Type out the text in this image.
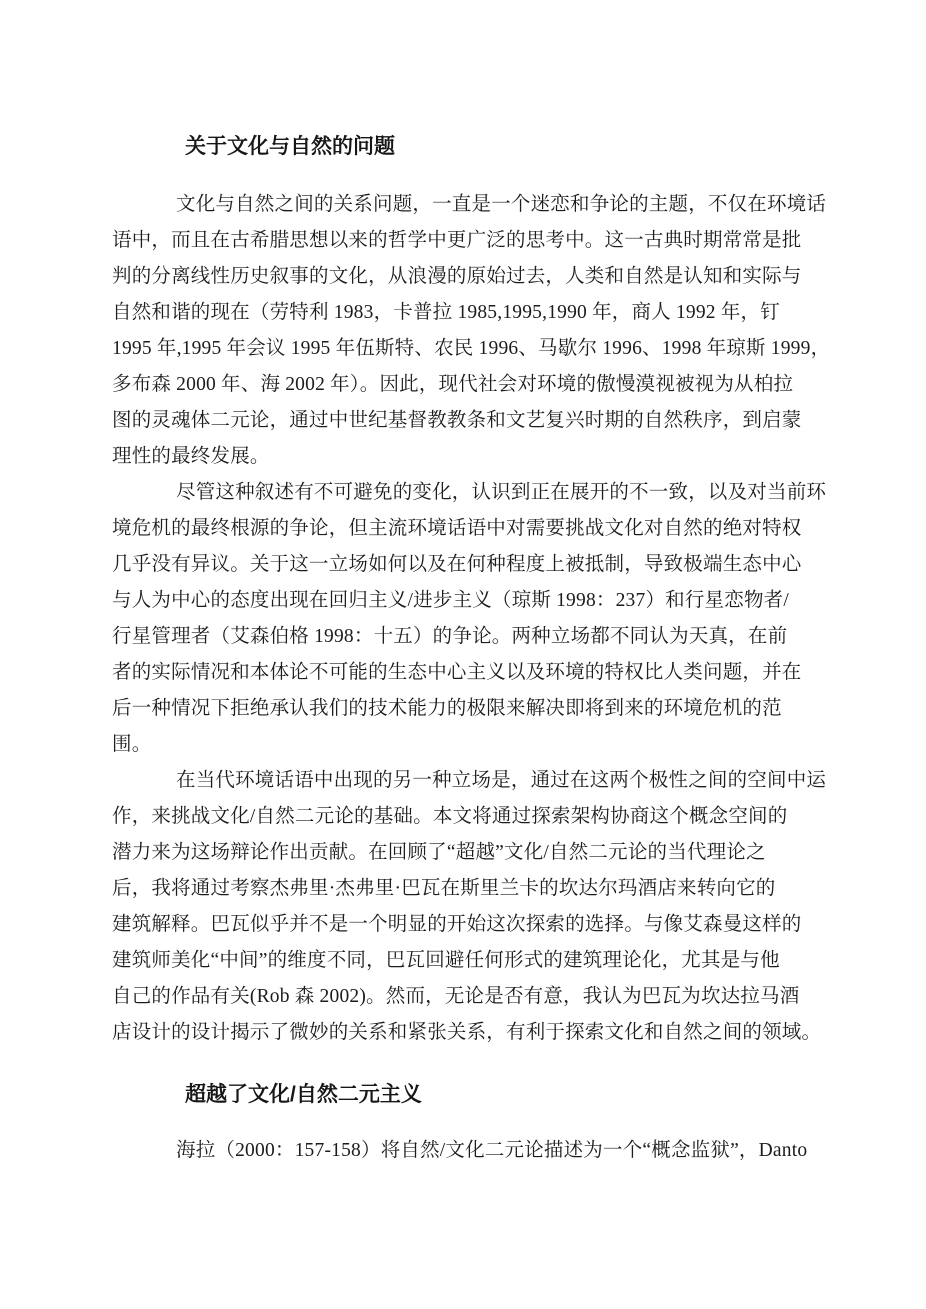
关于文化与自然的问题
文化与自然之间的关系问题，一直是一个迷恋和争论的主题，不仅在环境话
语中，而且在古希腊思想以来的哲学中更广泛的思考中。这一古典时期常常是批
判的分离线性历史叙事的文化，从浪漫的原始过去，人类和自然是认知和实际与
自然和谐的现在（劳特利 1983，卡普拉 1985,1995,1990 年，商人 1992 年，钉
1995 年,1995 年会议 1995 年伍斯特、农民 1996、马歇尔 1996、1998 年琼斯 1999，
多布森 2000 年、海 2002 年）。因此，现代社会对环境的傲慢漠视被视为从柏拉
图的灵魂体二元论，通过中世纪基督教教条和文艺复兴时期的自然秩序，到启蒙
理性的最终发展。
尽管这种叙述有不可避免的变化，认识到正在展开的不一致，以及对当前环
境危机的最终根源的争论，但主流环境话语中对需要挑战文化对自然的绝对特权
几乎没有异议。关于这一立场如何以及在何种程度上被抵制，导致极端生态中心
与人为中心的态度出现在回归主义/进步主义（琼斯 1998：237）和行星恋物者/
行星管理者（艾森伯格 1998：十五）的争论。两种立场都不同认为天真，在前
者的实际情况和本体论不可能的生态中心主义以及环境的特权比人类问题，并在
后一种情况下拒绝承认我们的技术能力的极限来解决即将到来的环境危机的范
围。
在当代环境话语中出现的另一种立场是，通过在这两个极性之间的空间中运
作，来挑战文化/自然二元论的基础。本文将通过探索架构协商这个概念空间的
潜力来为这场辩论作出贡献。在回顾了“超越”文化/自然二元论的当代理论之
后，我将通过考察杰弗里·杰弗里·巴瓦在斯里兰卡的坎达尔玛酒店来转向它的
建筑解释。巴瓦似乎并不是一个明显的开始这次探索的选择。与像艾森曼这样的
建筑师美化“中间”的维度不同，巴瓦回避任何形式的建筑理论化，尤其是与他
自己的作品有关(Rob 森 2002)。然而，无论是否有意，我认为巴瓦为坎达拉马酒
店设计的设计揭示了微妙的关系和紧张关系，有利于探索文化和自然之间的领域。
超越了文化/自然二元主义
海拉（2000：157-158）将自然/文化二元论描述为一个“概念监狱”，Danto
